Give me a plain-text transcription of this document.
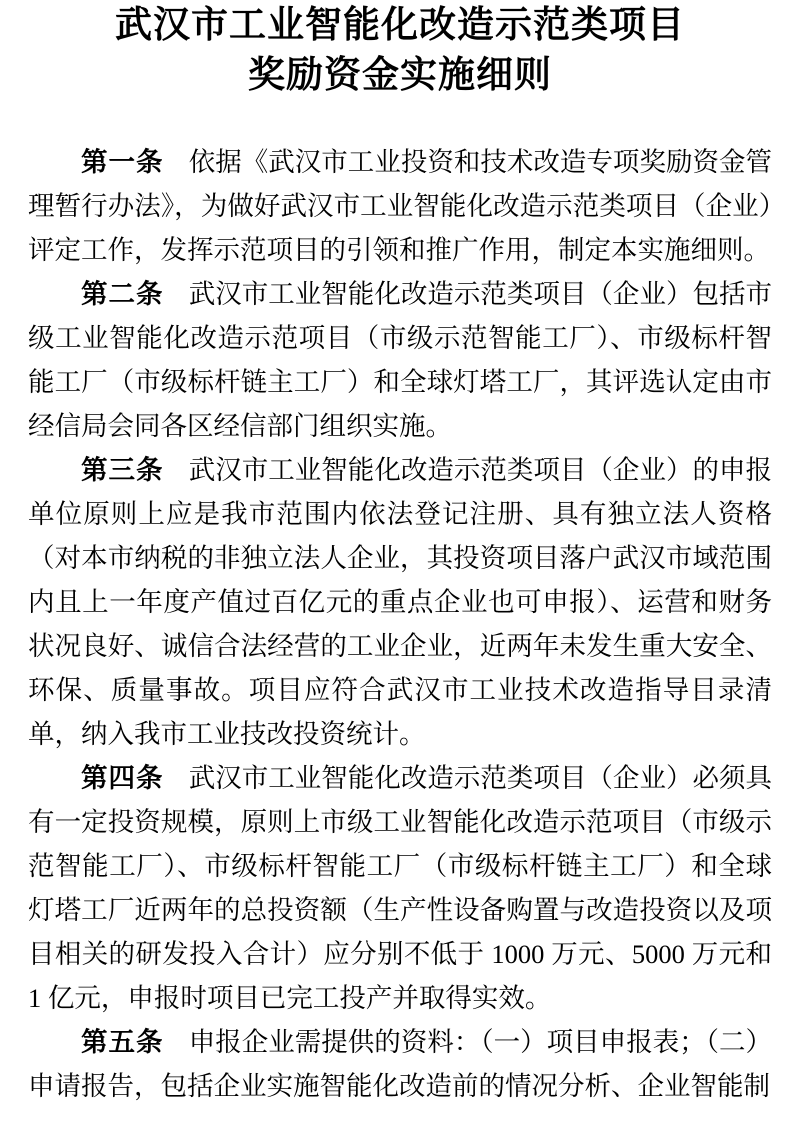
武汉市工业智能化改造示范类项目
奖励资金实施细则

第一条 依据《武汉市工业投资和技术改造专项奖励资金管理暂行办法》，为做好武汉市工业智能化改造示范类项目（企业）评定工作，发挥示范项目的引领和推广作用，制定本实施细则。

第二条 武汉市工业智能化改造示范类项目（企业）包括市级工业智能化改造示范项目（市级示范智能工厂）、市级标杆智能工厂（市级标杆链主工厂）和全球灯塔工厂，其评选认定由市经信局会同各区经信部门组织实施。

第三条 武汉市工业智能化改造示范类项目（企业）的申报单位原则上应是我市范围内依法登记注册、具有独立法人资格（对本市纳税的非独立法人企业，其投资项目落户武汉市域范围内且上一年度产值过百亿元的重点企业也可申报）、运营和财务状况良好、诚信合法经营的工业企业，近两年未发生重大安全、环保、质量事故。项目应符合武汉市工业技术改造指导目录清单，纳入我市工业技改投资统计。

第四条 武汉市工业智能化改造示范类项目（企业）必须具有一定投资规模，原则上市级工业智能化改造示范项目（市级示范智能工厂）、市级标杆智能工厂（市级标杆链主工厂）和全球灯塔工厂近两年的总投资额（生产性设备购置与改造投资以及项目相关的研发投入合计）应分别不低于 1000 万元、5000 万元和 1 亿元，申报时项目已完工投产并取得实效。

第五条 申报企业需提供的资料：（一）项目申报表；（二）申请报告，包括企业实施智能化改造前的情况分析、企业智能制
